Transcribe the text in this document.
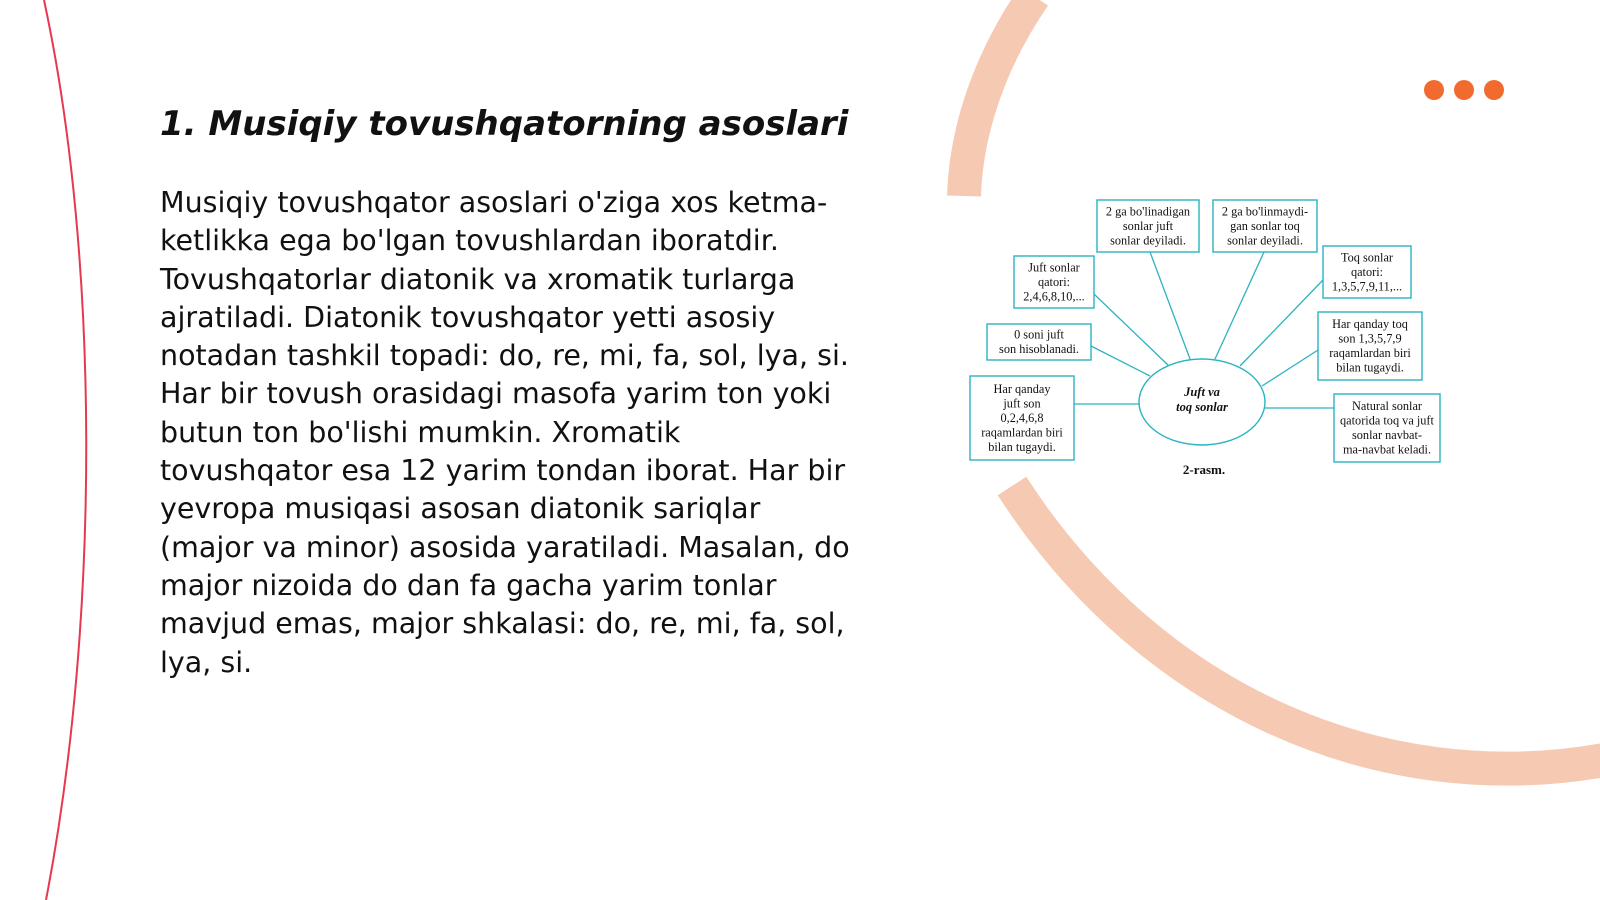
1. Musiqiy tovushqatorning asoslari

Musiqiy tovushqator asoslari o'ziga xos ketma-ketlikka ega bo'lgan tovushlardan iboratdir. Tovushqatorlar diatonik va xromatik turlarga ajratiladi. Diatonik tovushqator yetti asosiy notadan tashkil topadi: do, re, mi, fa, sol, lya, si. Har bir tovush orasidagi masofa yarim ton yoki butun ton bo'lishi mumkin. Xromatik tovushqator esa 12 yarim tondan iborat. Har bir yevropa musiqasi asosan diatonik sariqlar (major va minor) asosida yaratiladi. Masalan, do major nizoida do dan fa gacha yarim tonlar mavjud emas, major shkalasi: do, re, mi, fa, sol, lya, si.

2 ga bo'linadigan
sonlar juft
sonlar deyiladi.
2 ga bo'linmaydi-
gan sonlar toq
sonlar deyiladi.
Juft sonlar
qatori:
2,4,6,8,10,...
Toq sonlar
qatori:
1,3,5,7,9,11,...
0 soni juft
son hisoblanadi.
Har qanday toq
son 1,3,5,7,9
raqamlardan biri
bilan tugaydi.
Har qanday
juft son
0,2,4,6,8
raqamlardan biri
bilan tugaydi.
Natural sonlar
qatorida toq va juft
sonlar navbat-
ma-navbat keladi.
Juft va
toq sonlar
2-rasm.
